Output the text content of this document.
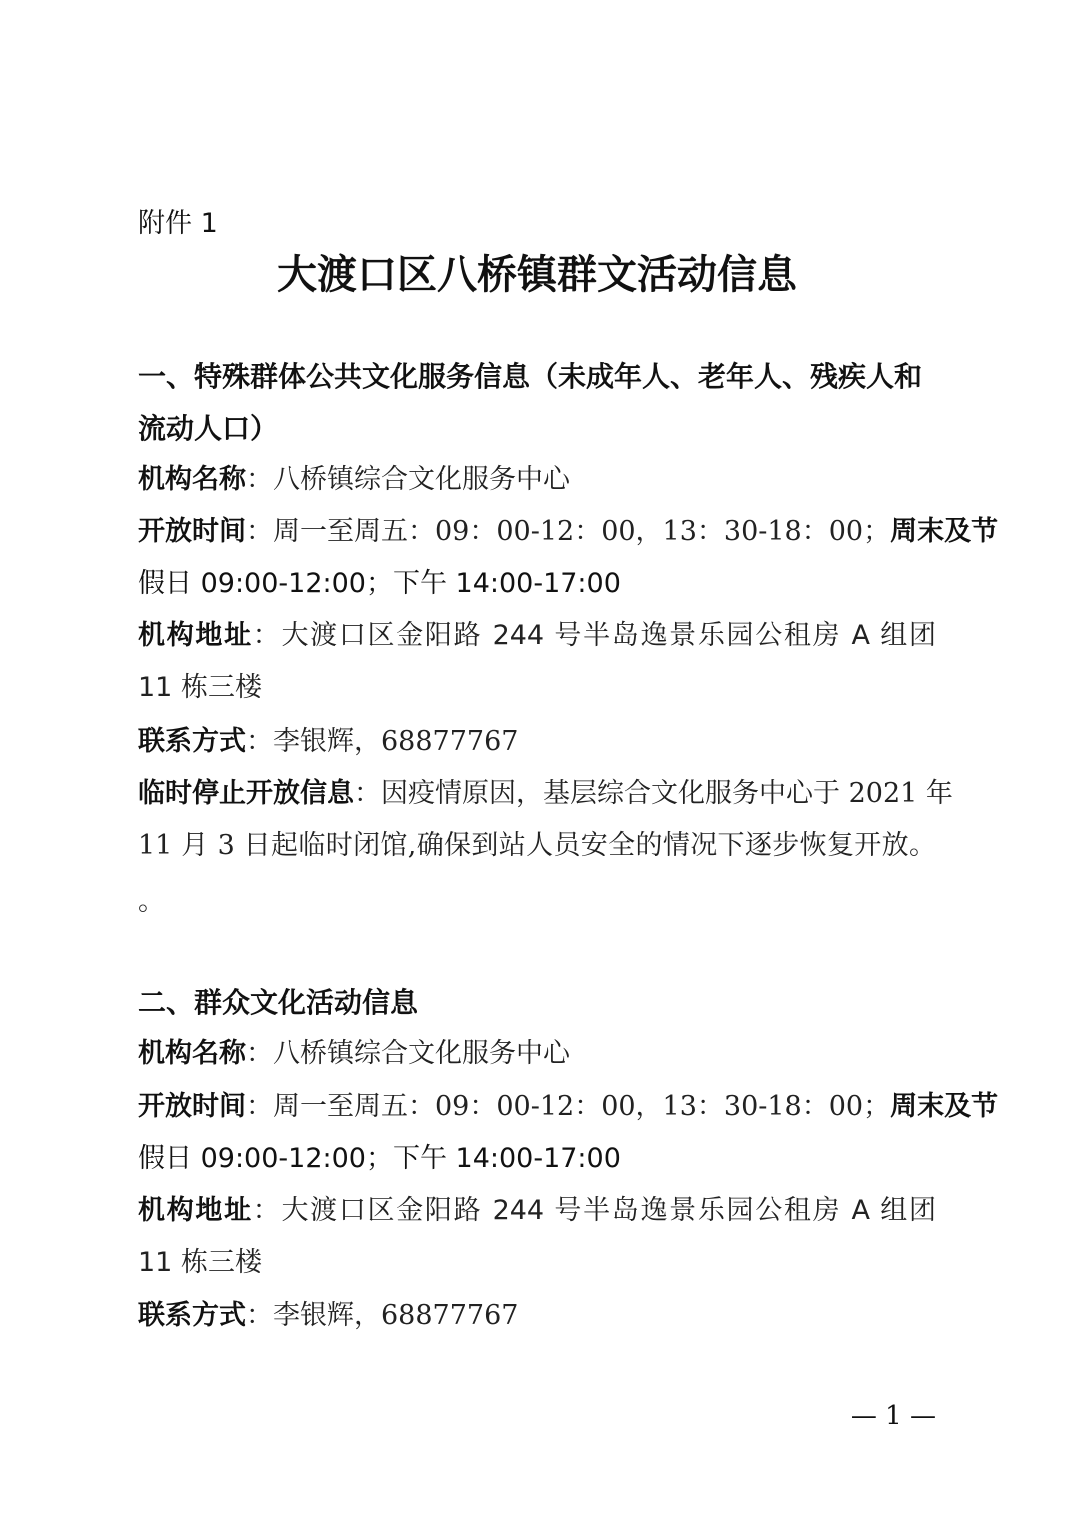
附件 1
大渡口区八桥镇群文活动信息
一、特殊群体公共文化服务信息（未成年人、老年人、残疾人和
流动人口）
机构名称：八桥镇综合文化服务中心
开放时间：周一至周五：09：00-12：00，13：30-18：00；周末及节
假日 09:00-12:00；下午 14:00-17:00
机构地址：大渡口区金阳路 244 号半岛逸景乐园公租房 A 组团
11 栋三楼
联系方式：李银辉，68877767
临时停止开放信息：因疫情原因，基层综合文化服务中心于 2021 年
11 月 3 日起临时闭馆,确保到站人员安全的情况下逐步恢复开放。
。
二、群众文化活动信息
机构名称：八桥镇综合文化服务中心
开放时间：周一至周五：09：00-12：00，13：30-18：00；周末及节
假日 09:00-12:00；下午 14:00-17:00
机构地址：大渡口区金阳路 244 号半岛逸景乐园公租房 A 组团
11 栋三楼
联系方式：李银辉，68877767
— 1 —
